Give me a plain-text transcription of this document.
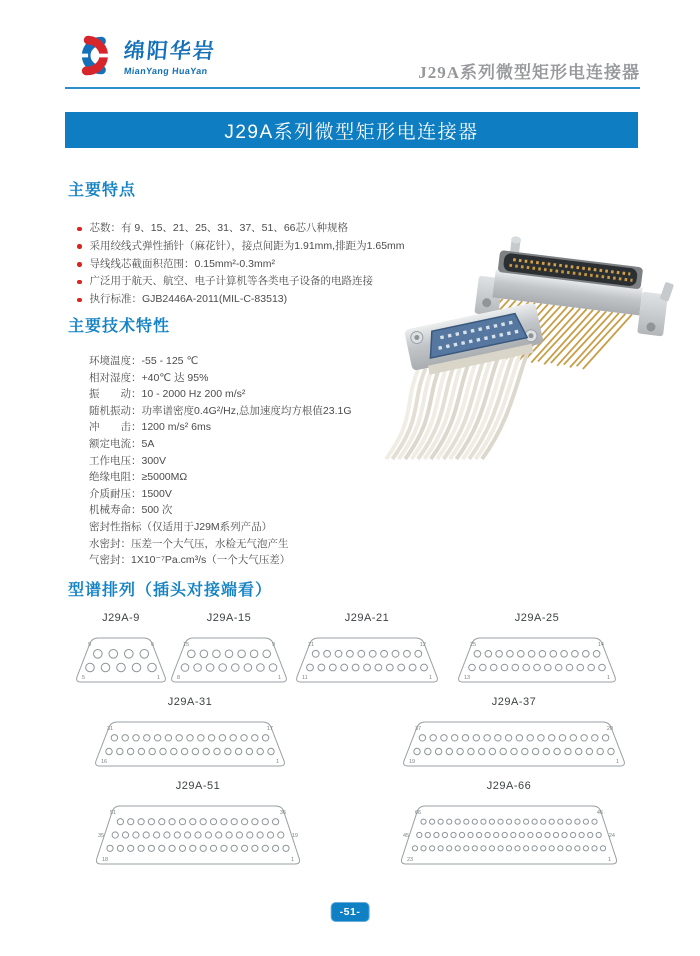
绵阳华岩
MianYang HuaYan	J29A系列微型矩形电连接器
J29A系列微型矩形电连接器
主要特点
芯数：有 9、15、21、25、31、37、51、66芯八种规格
采用绞线式弹性插针（麻花针），接点间距为1.91mm,排距为1.65mm
导线线芯截面积范围：0.15mm²-0.3mm²
广泛用于航天、航空、电子计算机等各类电子设备的电路连接
执行标准：GJB2446A-2011(MIL-C-83513)
主要技术特性
环境温度：-55 - 125 ℃
相对湿度：+40℃ 达 95%
振　　动：10 - 2000 Hz 200 m/s²
随机振动：功率谱密度0.4G²/Hz,总加速度均方根值23.1G
冲　　击：1200 m/s² 6ms
额定电流：5A
工作电压：300V
绝缘电阻：≥5000MΩ
介质耐压：1500V
机械寿命：500 次
密封性指标（仅适用于J29M系列产品）
水密封：压差一个大气压，水检无气泡产生
气密封：1X10⁻⁷Pa.cm³/s（一个大气压差）
型谱排列（插头对接端看）
J29A-9
9	6
5	1
J29A-15
15	9
8	1
J29A-21
21	12
11	1
J29A-25
25	14
13	1
J29A-31
31	17
16	1
J29A-37
37	20
19	1
J29A-51
51	36
35	19
18	1
J29A-66
66	46
45	24
23	1
-51-
